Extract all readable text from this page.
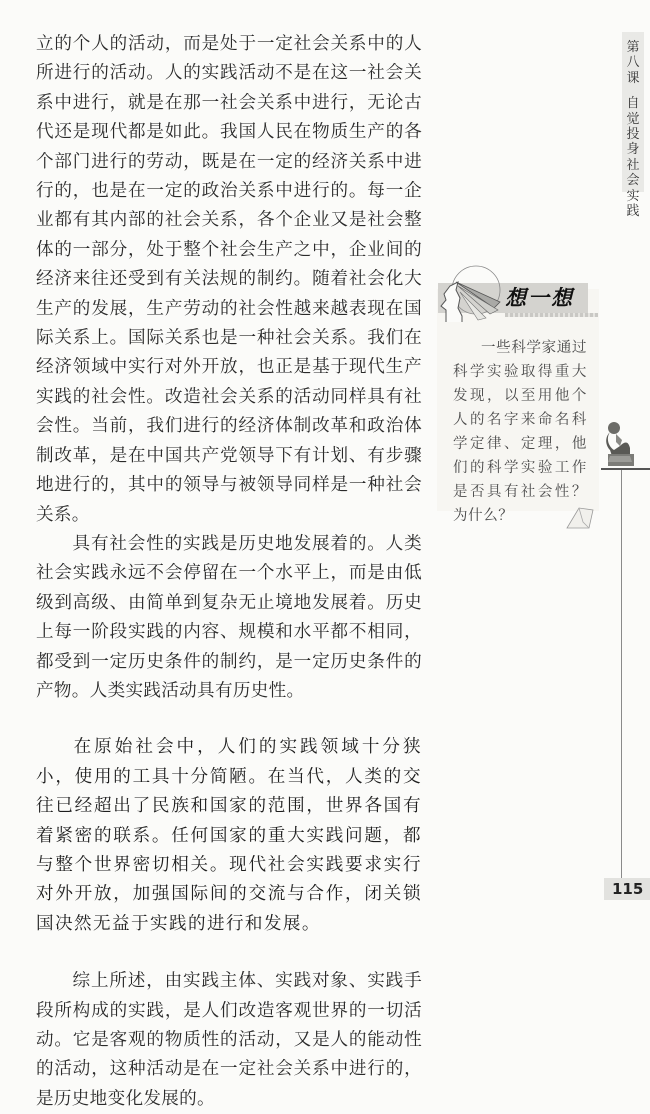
立的个人的活动，而是处于一定社会关系中的人所进行的活动。人的实践活动不是在这一社会关系中进行，就是在那一社会关系中进行，无论古代还是现代都是如此。我国人民在物质生产的各个部门进行的劳动，既是在一定的经济关系中进行的，也是在一定的政治关系中进行的。每一企业都有其内部的社会关系，各个企业又是社会整体的一部分，处于整个社会生产之中，企业间的经济来往还受到有关法规的制约。随着社会化大生产的发展，生产劳动的社会性越来越表现在国际关系上。国际关系也是一种社会关系。我们在经济领域中实行对外开放，也正是基于现代生产实践的社会性。改造社会关系的活动同样具有社会性。当前，我们进行的经济体制改革和政治体制改革，是在中国共产党领导下有计划、有步骤地进行的，其中的领导与被领导同样是一种社会关系。

具有社会性的实践是历史地发展着的。人类社会实践永远不会停留在一个水平上，而是由低级到高级、由简单到复杂无止境地发展着。历史上每一阶段实践的内容、规模和水平都不相同，都受到一定历史条件的制约，是一定历史条件的产物。人类实践活动具有历史性。

在原始社会中，人们的实践领域十分狭小，使用的工具十分简陋。在当代，人类的交往已经超出了民族和国家的范围，世界各国有着紧密的联系。任何国家的重大实践问题，都与整个世界密切相关。现代社会实践要求实行对外开放，加强国际间的交流与合作，闭关锁国决然无益于实践的进行和发展。

综上所述，由实践主体、实践对象、实践手段所构成的实践，是人们改造客观世界的一切活动。它是客观的物质性的活动，又是人的能动性的活动，这种活动是在一定社会关系中进行的，是历史地变化发展的。

第八课
自觉投身社会实践
想一想
一些科学家通过科学实验取得重大发现，以至用他个人的名字来命名科学定律、定理，他们的科学实验工作是否具有社会性？为什么？
115
